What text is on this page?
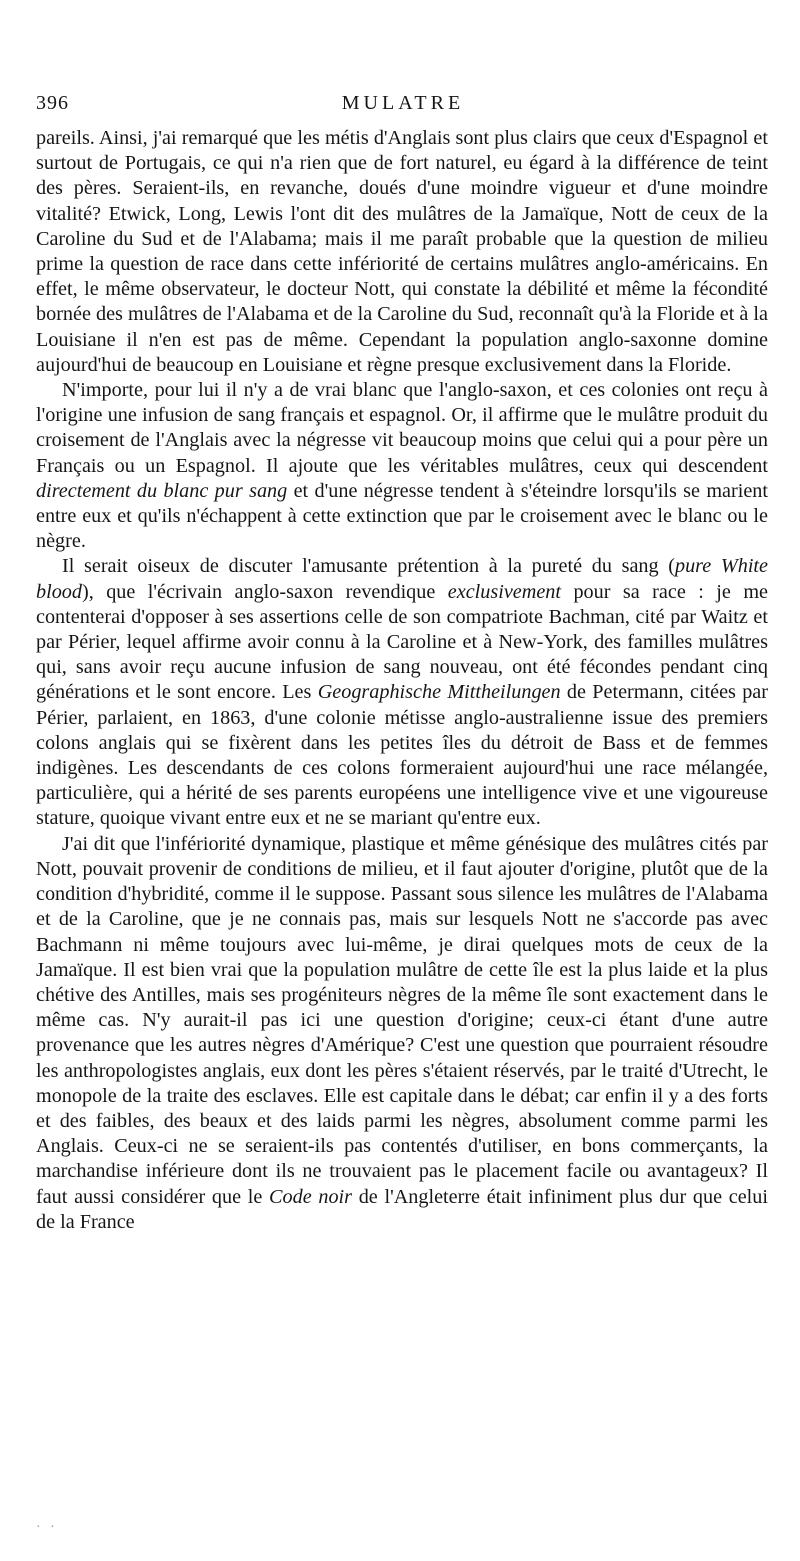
396	MULATRE

pareils. Ainsi, j'ai remarqué que les métis d'Anglais sont plus clairs que ceux d'Espagnol et surtout de Portugais, ce qui n'a rien que de fort naturel, eu égard à la différence de teint des pères. Seraient-ils, en revanche, doués d'une moindre vigueur et d'une moindre vitalité? Etwick, Long, Lewis l'ont dit des mulâtres de la Jamaïque, Nott de ceux de la Caroline du Sud et de l'Alabama; mais il me paraît probable que la question de milieu prime la question de race dans cette infériorité de certains mulâtres anglo-américains. En effet, le même observateur, le docteur Nott, qui constate la débilité et même la fécondité bornée des mulâtres de l'Alabama et de la Caroline du Sud, reconnaît qu'à la Floride et à la Louisiane il n'en est pas de même. Cependant la population anglo-saxonne domine aujourd'hui de beaucoup en Louisiane et règne presque exclusivement dans la Floride.

N'importe, pour lui il n'y a de vrai blanc que l'anglo-saxon, et ces colonies ont reçu à l'origine une infusion de sang français et espagnol. Or, il affirme que le mulâtre produit du croisement de l'Anglais avec la négresse vit beaucoup moins que celui qui a pour père un Français ou un Espagnol. Il ajoute que les véritables mulâtres, ceux qui descendent directement du blanc pur sang et d'une négresse tendent à s'éteindre lorsqu'ils se marient entre eux et qu'ils n'échappent à cette extinction que par le croisement avec le blanc ou le nègre.

Il serait oiseux de discuter l'amusante prétention à la pureté du sang (pure White blood), que l'écrivain anglo-saxon revendique exclusivement pour sa race : je me contenterai d'opposer à ses assertions celle de son compatriote Bachman, cité par Waitz et par Périer, lequel affirme avoir connu à la Caroline et à New-York, des familles mulâtres qui, sans avoir reçu aucune infusion de sang nouveau, ont été fécondes pendant cinq générations et le sont encore. Les Geographische Mittheilungen de Petermann, citées par Périer, parlaient, en 1863, d'une colonie métisse anglo-australienne issue des premiers colons anglais qui se fixèrent dans les petites îles du détroit de Bass et de femmes indigènes. Les descendants de ces colons formeraient aujourd'hui une race mélangée, particulière, qui a hérité de ses parents européens une intelligence vive et une vigoureuse stature, quoique vivant entre eux et ne se mariant qu'entre eux.

J'ai dit que l'infériorité dynamique, plastique et même génésique des mulâtres cités par Nott, pouvait provenir de conditions de milieu, et il faut ajouter d'origine, plutôt que de la condition d'hybridité, comme il le suppose. Passant sous silence les mulâtres de l'Alabama et de la Caroline, que je ne connais pas, mais sur lesquels Nott ne s'accorde pas avec Bachmann ni même toujours avec lui-même, je dirai quelques mots de ceux de la Jamaïque. Il est bien vrai que la population mulâtre de cette île est la plus laide et la plus chétive des Antilles, mais ses progéniteurs nègres de la même île sont exactement dans le même cas. N'y aurait-il pas ici une question d'origine; ceux-ci étant d'une autre provenance que les autres nègres d'Amérique? C'est une question que pourraient résoudre les anthropologistes anglais, eux dont les pères s'étaient réservés, par le traité d'Utrecht, le monopole de la traite des esclaves. Elle est capitale dans le débat; car enfin il y a des forts et des faibles, des beaux et des laids parmi les nègres, absolument comme parmi les Anglais. Ceux-ci ne se seraient-ils pas contentés d'utiliser, en bons commerçants, la marchandise inférieure dont ils ne trouvaient pas le placement facile ou avantageux? Il faut aussi considérer que le Code noir de l'Angleterre était infiniment plus dur que celui de la France

· ·
